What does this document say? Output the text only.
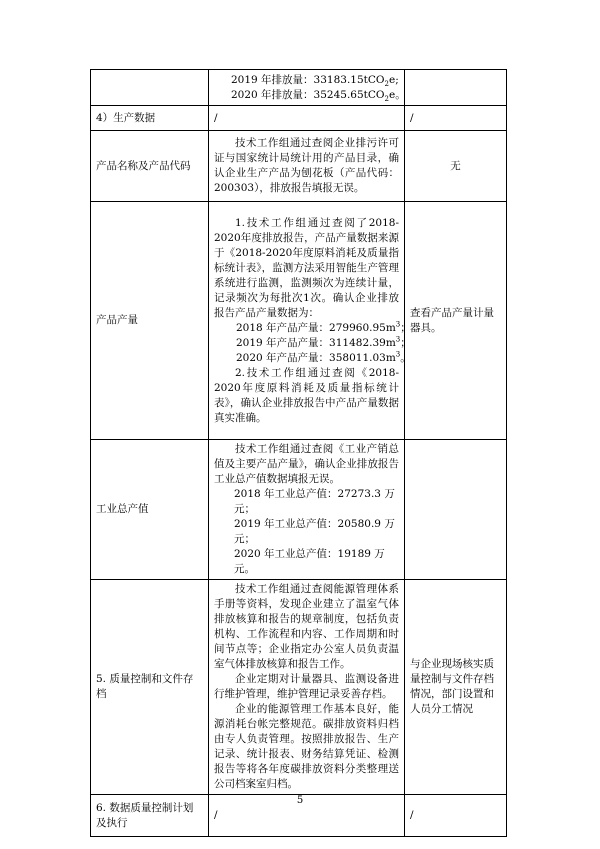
	2019 年排放量：33183.15tCO$_2$e;
2020 年排放量：35245.65tCO$_2$e。	

4）生产数据	/	/
产品名称及产品代码	技术工作组通过查阅企业排污许可证与国家统计局统计用的产品目录，确认企业生产产品为刨花板（产品代码：200303），排放报告填报无误。	无
产品产量	1.技术工作组通过查阅了2018-2020年度排放报告，产品产量数据来源于《2018-2020年度原料消耗及质量指标统计表》，监测方法采用智能生产管理系统进行监测，监测频次为连续计量，记录频次为每批次1次。确认企业排放报告产品产量数据为：

2018 年产品产量：$279960.95m^3$；
2019 年产品产量：$311482.39m^3$；
2020 年产品产量：$358011.03m^3$。

2.技术工作组通过查阅《2018-2020年度原料消耗及质量指标统计表》，确认企业排放报告中产品产量数据真实准确。	查看产品产量计量器具。
工业总产值	技术工作组通过查阅《工业产销总值及主要产品产量》，确认企业排放报告工业总产值数据填报无误。

2018 年工业总产值：27273.3 万元；
2019 年工业总产值：20580.9 万元；
2020 年工业总产值：19189 万元。	

5. 质量控制和文件存档	技术工作组通过查阅能源管理体系手册等资料，发现企业建立了温室气体排放核算和报告的规章制度，包括负责机构、工作流程和内容、工作周期和时间节点等；企业指定办公室人员负责温室气体排放核算和报告工作。

企业定期对计量器具、监测设备进行维护管理，维护管理记录妥善存档。

企业的能源管理工作基本良好，能源消耗台帐完整规范。碳排放资料归档由专人负责管理。按照排放报告、生产记录、统计报表、财务结算凭证、检测报告等将各年度碳排放资料分类整理送公司档案室归档。	与企业现场核实质量控制与文件存档情况，部门设置和人员分工情况
6. 数据质量控制计划及执行	/	/
5
